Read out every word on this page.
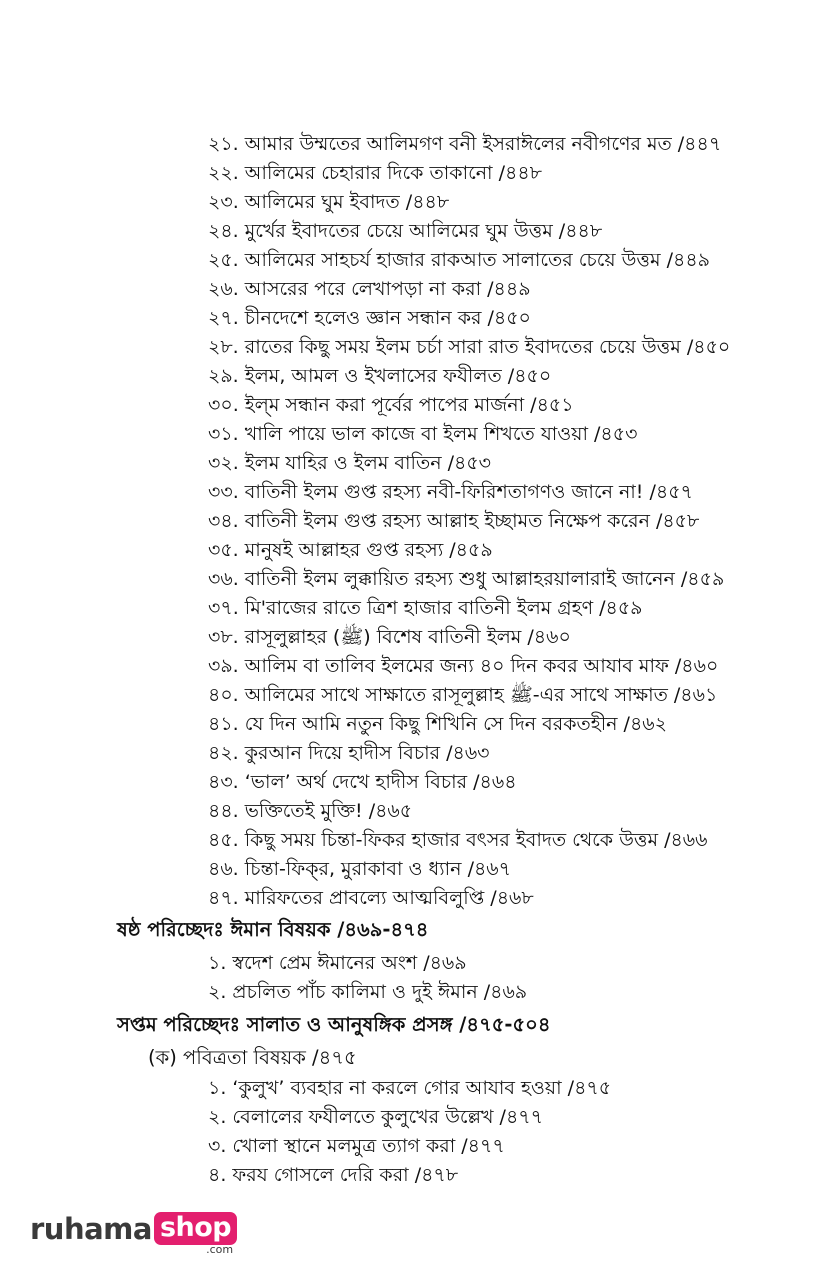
২১. আমার উম্মতের আলিমগণ বনী ইসরাঈলের নবীগণের মত /৪৪৭
২২. আলিমের চেহারার দিকে তাকানো /৪৪৮
২৩. আলিমের ঘুম ইবাদত /৪৪৮
২৪. মুর্খের ইবাদতের চেয়ে আলিমের ঘুম উত্তম /৪৪৮
২৫. আলিমের সাহচর্য হাজার রাকআত সালাতের চেয়ে উত্তম /৪৪৯
২৬. আসরের পরে লেখাপড়া না করা /৪৪৯
২৭. চীনদেশে হলেও জ্ঞান সন্ধান কর /৪৫০
২৮. রাতের কিছু সময় ইলম চর্চা সারা রাত ইবাদতের চেয়ে উত্তম /৪৫০
২৯. ইলম, আমল ও ইখলাসের ফযীলত /৪৫০
৩০. ইল্‌ম সন্ধান করা পূর্বের পাপের মার্জনা /৪৫১
৩১. খালি পায়ে ভাল কাজে বা ইলম শিখতে যাওয়া /৪৫৩
৩২. ইলম যাহির ও ইলম বাতিন /৪৫৩
৩৩. বাতিনী ইলম গুপ্ত রহস্য নবী-ফিরিশতাগণও জানে না! /৪৫৭
৩৪. বাতিনী ইলম গুপ্ত রহস্য আল্লাহ ইচ্ছামত নিক্ষেপ করেন /৪৫৮
৩৫. মানুষই আল্লাহর গুপ্ত রহস্য /৪৫৯
৩৬. বাতিনী ইলম লুক্কায়িত রহস্য শুধু আল্লাহরয়ালারাই জানেন /৪৫৯
৩৭. মি'রাজের রাতে ত্রিশ হাজার বাতিনী ইলম গ্রহণ /৪৫৯
৩৮. রাসূলুল্লাহর (ﷺ) বিশেষ বাতিনী ইলম /৪৬০
৩৯. আলিম বা তালিব ইলমের জন্য ৪০ দিন কবর আযাব মাফ /৪৬০
৪০. আলিমের সাথে সাক্ষাতে রাসূলুল্লাহ ﷺ-এর সাথে সাক্ষাত /৪৬১
৪১. যে দিন আমি নতুন কিছু শিখিনি সে দিন বরকতহীন /৪৬২
৪২. কুরআন দিয়ে হাদীস বিচার /৪৬৩
৪৩. ‘ভাল’ অর্থ দেখে হাদীস বিচার /৪৬৪
৪৪. ভক্তিতেই মুক্তি! /৪৬৫
৪৫. কিছু সময় চিন্তা-ফিকর হাজার বৎসর ইবাদত থেকে উত্তম /৪৬৬
৪৬. চিন্তা-ফিক্‌র, মুরাকাবা ও ধ্যান /৪৬৭
৪৭. মারিফতের প্রাবল্যে আত্মবিলুপ্তি /৪৬৮
ষষ্ঠ পরিচ্ছেদঃ ঈমান বিষয়ক /৪৬৯-৪৭৪
১. স্বদেশ প্রেম ঈমানের অংশ /৪৬৯
২. প্রচলিত পাঁচ কালিমা ও দুই ঈমান /৪৬৯
সপ্তম পরিচ্ছেদঃ সালাত ও আনুষঙ্গিক প্রসঙ্গ /৪৭৫-৫০৪
(ক) পবিত্রতা বিষয়ক /৪৭৫
১. ‘কুলুখ’ ব্যবহার না করলে গোর আযাব হওয়া /৪৭৫
২. বেলালের ফযীলতে কুলুখের উল্লেখ /৪৭৭
৩. খোলা স্থানে মলমুত্র ত্যাগ করা /৪৭৭
৪. ফরয গোসলে দেরি করা /৪৭৮
ruhama shop
.com
